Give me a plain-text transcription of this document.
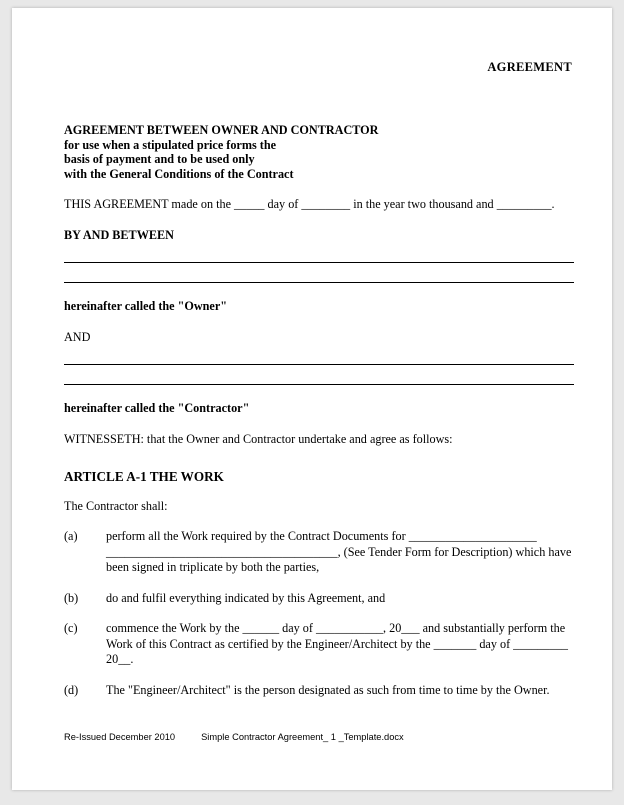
AGREEMENT
AGREEMENT BETWEEN OWNER AND CONTRACTOR
for use when a stipulated price forms the
basis of payment and to be used only
with the General Conditions of the Contract
THIS AGREEMENT made on the _____ day of ________ in the year two thousand and _________.
BY AND BETWEEN
hereinafter called the "Owner"
AND
hereinafter called the "Contractor"
WITNESSETH: that the Owner and Contractor undertake and agree as follows:
ARTICLE A-1 THE WORK
The Contractor shall:
(a)	perform all the Work required by the Contract Documents for _____________________ ______________________________________, (See Tender Form for Description) which have been signed in triplicate by both the parties,
(b)	do and fulfil everything indicated by this Agreement, and
(c)	commence the Work by the ______ day of ___________, 20___ and substantially perform the Work of this Contract as certified by the Engineer/Architect by the _______ day of _________ 20__.
(d)	The "Engineer/Architect" is the person designated as such from time to time by the Owner.
Re-Issued December 2010	Simple Contractor Agreement_ 1 _Template.docx
